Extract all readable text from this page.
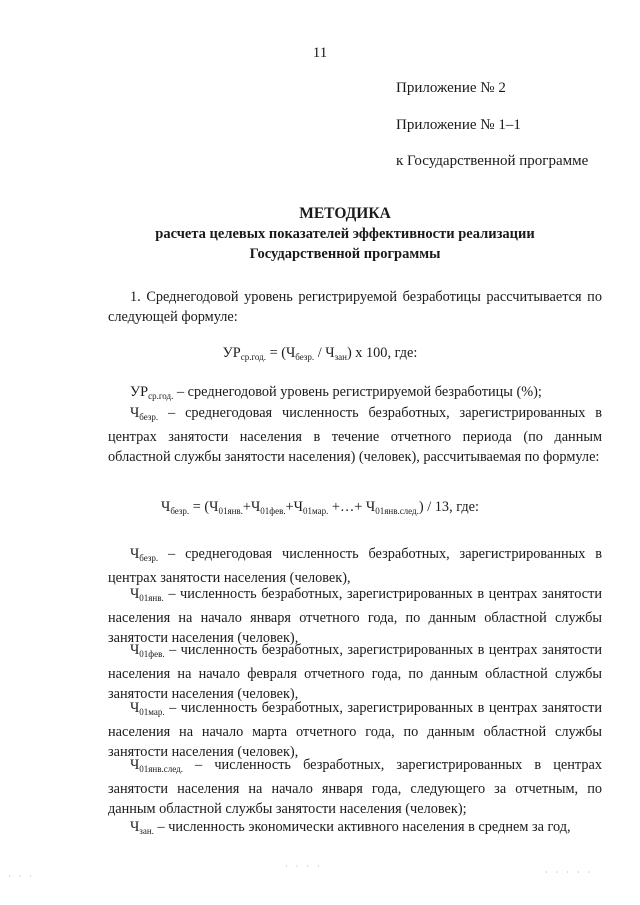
11
Приложение № 2
Приложение № 1–1
к Государственной программе
МЕТОДИКА
расчета целевых показателей эффективности реализации
Государственной программы
1. Среднегодовой уровень регистрируемой безработицы рассчитывается по следующей формуле:
$УР_{ср.год.} = (Ч_{безр.} / Ч_{зан})$ х 100, где:
$УР_{ср.год.}$ – среднегодовой уровень регистрируемой безработицы (%);
$Ч_{безр.}$ – среднегодовая численность безработных, зарегистрированных в центрах занятости населения в течение отчетного периода (по данным областной службы занятости населения) (человек), рассчитываемая по формуле:
$Ч_{безр.} = (Ч_{01янв.}+Ч_{01фев.}+Ч_{01мар.}$ +…+ $Ч_{01янв.след.}) / 13$, где:
$Ч_{безр.}$ – среднегодовая численность безработных, зарегистрированных в центрах занятости населения (человек),
$Ч_{01янв.}$ – численность безработных, зарегистрированных в центрах занятости населения на начало января отчетного года, по данным областной службы занятости населения (человек),
$Ч_{01фев.}$ – численность безработных, зарегистрированных в центрах занятости населения на начало февраля отчетного года, по данным областной службы занятости населения (человек),
$Ч_{01мар.}$ – численность безработных, зарегистрированных в центрах занятости населения на начало марта отчетного года, по данным областной службы занятости населения (человек),
$Ч_{01янв.след.}$ – численность безработных, зарегистрированных в центрах занятости населения на начало января года, следующего за отчетным, по данным областной службы занятости населения (человек);
$Ч_{зан.}$ – численность экономически активного населения в среднем за год,
· · ·
· · · ·
· · · · ·
